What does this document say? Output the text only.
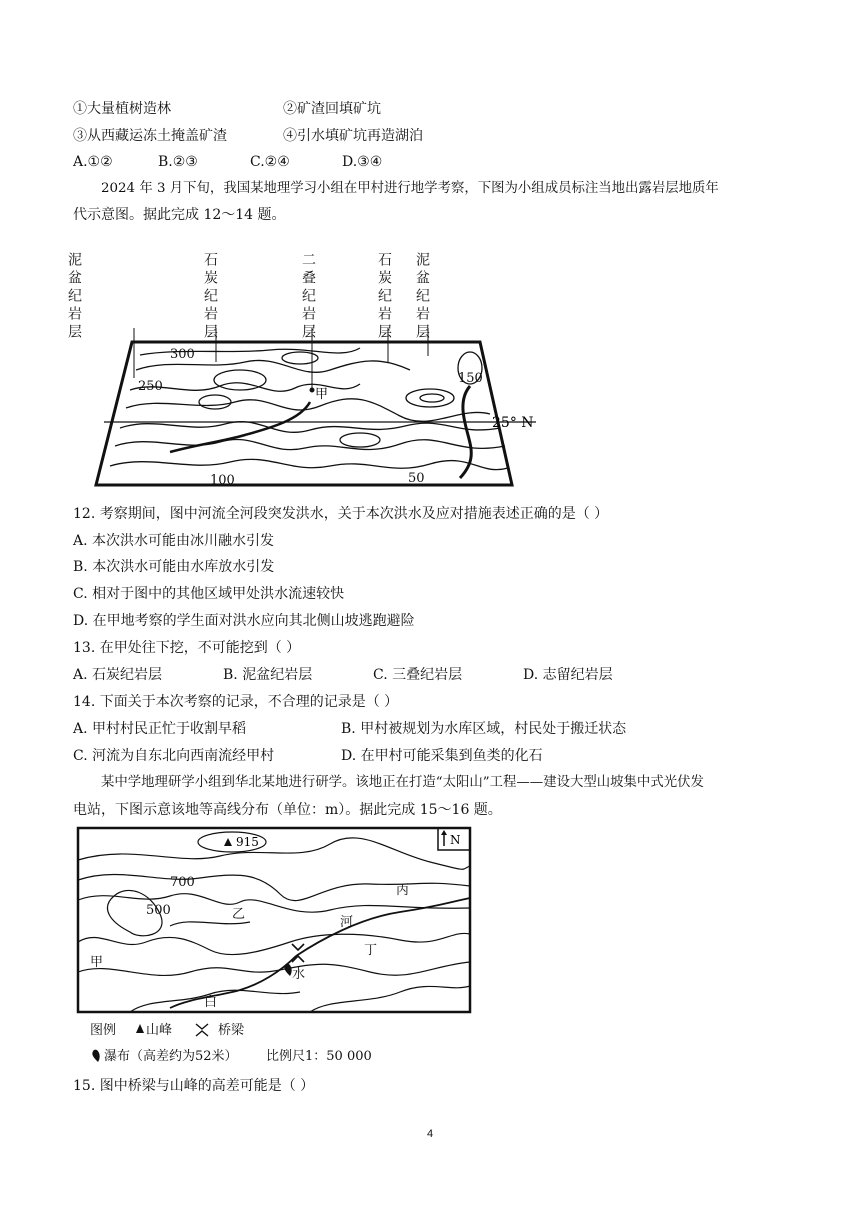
①大量植树造林	②矿渣回填矿坑
③从西藏运冻土掩盖矿渣	④引水填矿坑再造湖泊
A.①②	B.②③	C.②④	D.③④
2024 年 3 月下旬，我国某地理学习小组在甲村进行地学考察，下图为小组成员标注当地出露岩层地质年
代示意图。据此完成 12～14 题。
泥盆纪岩层	石炭纪岩层	二叠纪岩层	石炭纪岩层 泥盆纪岩层
25° N
甲
300
250
150
100	50
12. 考察期间，图中河流全河段突发洪水，关于本次洪水及应对措施表述正确的是（ ）
A. 本次洪水可能由冰川融水引发
B. 本次洪水可能由水库放水引发
C. 相对于图中的其他区域甲处洪水流速较快
D. 在甲地考察的学生面对洪水应向其北侧山坡逃跑避险
13. 在甲处往下挖，不可能挖到（ ）
A. 石炭纪岩层	B. 泥盆纪岩层	C. 三叠纪岩层	D. 志留纪岩层
14. 下面关于本次考察的记录，不合理的记录是（ ）
A. 甲村村民正忙于收割早稻	B. 甲村被规划为水库区域，村民处于搬迁状态
C. 河流为自东北向西南流经甲村	D. 在甲村可能采集到鱼类的化石
某中学地理研学小组到华北某地进行研学。该地正在打造“太阳山”工程——建设大型山坡集中式光伏发
电站，下图示意该地等高线分布（单位：m）。据此完成 15～16 题。
N
915
700
500
甲
乙
丙
丁
河
白
水
图例 山峰	桥梁
瀑布（高差约为52米） 比例尺1：50 000
15. 图中桥梁与山峰的高差可能是（ ）
4
